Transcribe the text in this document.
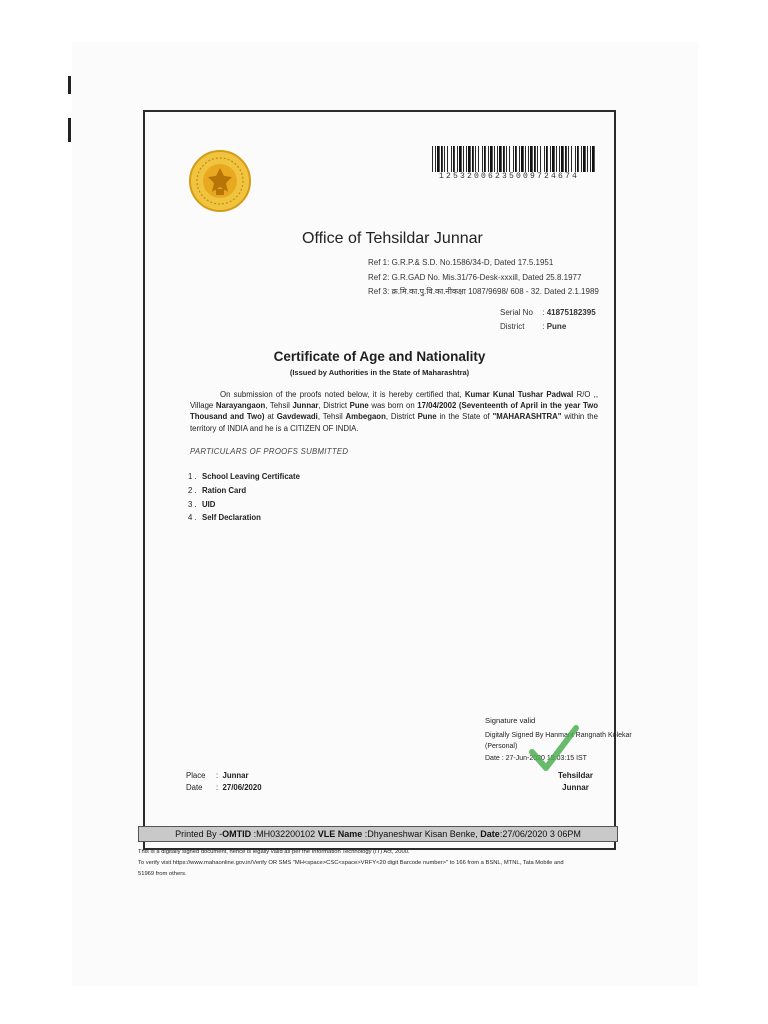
12532006235009724674
Office of Tehsildar Junnar
Ref 1: G.R.P.& S.D. No.1586/34-D, Dated 17.5.1951
Ref 2: G.R.GAD No. Mis.31/76-Desk-xxxill, Dated 25.8.1977
Ref 3: क्र.मि.का.पु.वि.का.नीकक्षा 1087/9698/ 608 - 32. Dated 2.1.1989
Serial No : 41875182395
District : Pune
Certificate of Age and Nationality
(Issued by Authorities in the State of Maharashtra)
On submission of the proofs noted below, it is hereby certified that, Kumar Kunal Tushar Padwal R/O ,, Village Narayangaon, Tehsil Junnar, District Pune was born on 17/04/2002 (Seventeenth of April in the year Two Thousand and Two) at Gavdewadi, Tehsil Ambegaon, District Pune in the State of "MAHARASHTRA" within the territory of INDIA and he is a CITIZEN OF INDIA.
PARTICULARS OF PROOFS SUBMITTED
1 . School Leaving Certificate
2 . Ration Card
3 . UID
4 . Self Declaration
Signature valid
Digitally Signed By Hanmant Rangnath Kolekar
(Personal)
Date : 27-Jun-2020 15:03:15 IST
Tehsildar
Junnar
Place : Junnar
Date : 27/06/2020
Printed By -OMTID :MH032200102 VLE Name :Dhyaneshwar Kisan Benke, Date:27/06/2020 3 06PM
This is a digitally signed document, hence is legally valid as per the Information Technology (IT) Act, 2000.
To verify visit https://www.mahaonline.gov.in/Verify OR SMS "MH<space>CSC<space>VRFY<20 digit Barcode number>" to 166 from a BSNL, MTNL, Tata Mobile and
51969 from others.
